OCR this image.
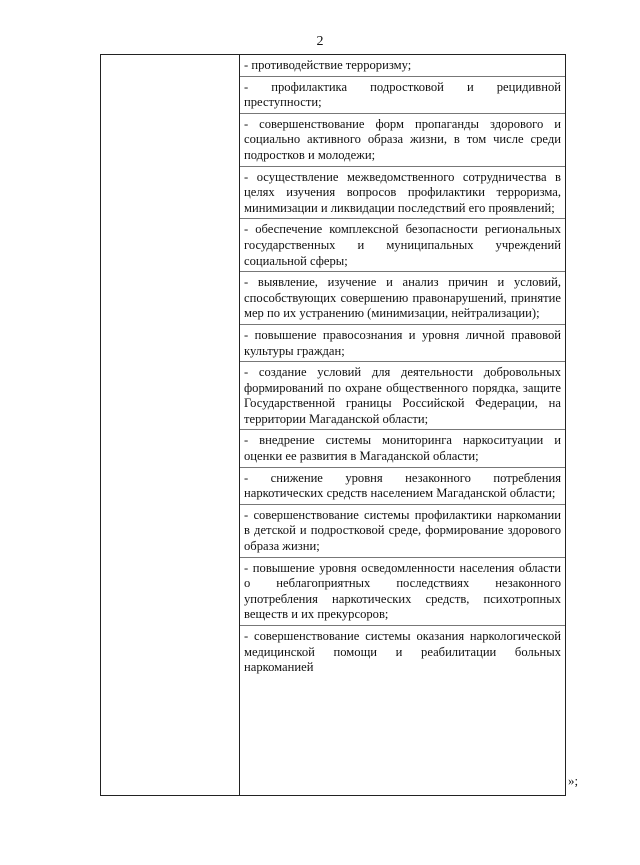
2
- противодействие терроризму;
- профилактика подростковой и рецидивной преступности;
- совершенствование форм пропаганды здорового и социально активного образа жизни, в том числе среди подростков и молодежи;
- осуществление межведомственного сотрудничества в целях изучения вопросов профилактики терроризма, минимизации и ликвидации последствий его проявлений;
- обеспечение комплексной безопасности региональных государственных и муниципальных учреждений социальной сферы;
- выявление, изучение и анализ причин и условий, способствующих совершению правонарушений, принятие мер по их устранению (минимизации, нейтрализации);
- повышение правосознания и уровня личной правовой культуры граждан;
- создание условий для деятельности добровольных формирований по охране общественного порядка, защите Государственной границы Российской Федерации, на территории Магаданской области;
- внедрение системы мониторинга наркоситуации и оценки ее развития в Магаданской области;
- снижение уровня незаконного потребления наркотических средств населением Магаданской области;
- совершенствование системы профилактики наркомании в детской и подростковой среде, формирование здорового образа жизни;
- повышение уровня осведомленности населения области о неблагоприятных последствиях незаконного употребления наркотических средств, психотропных веществ и их прекурсоров;
- совершенствование системы оказания наркологической медицинской помощи и реабилитации больных наркоманией
»;
